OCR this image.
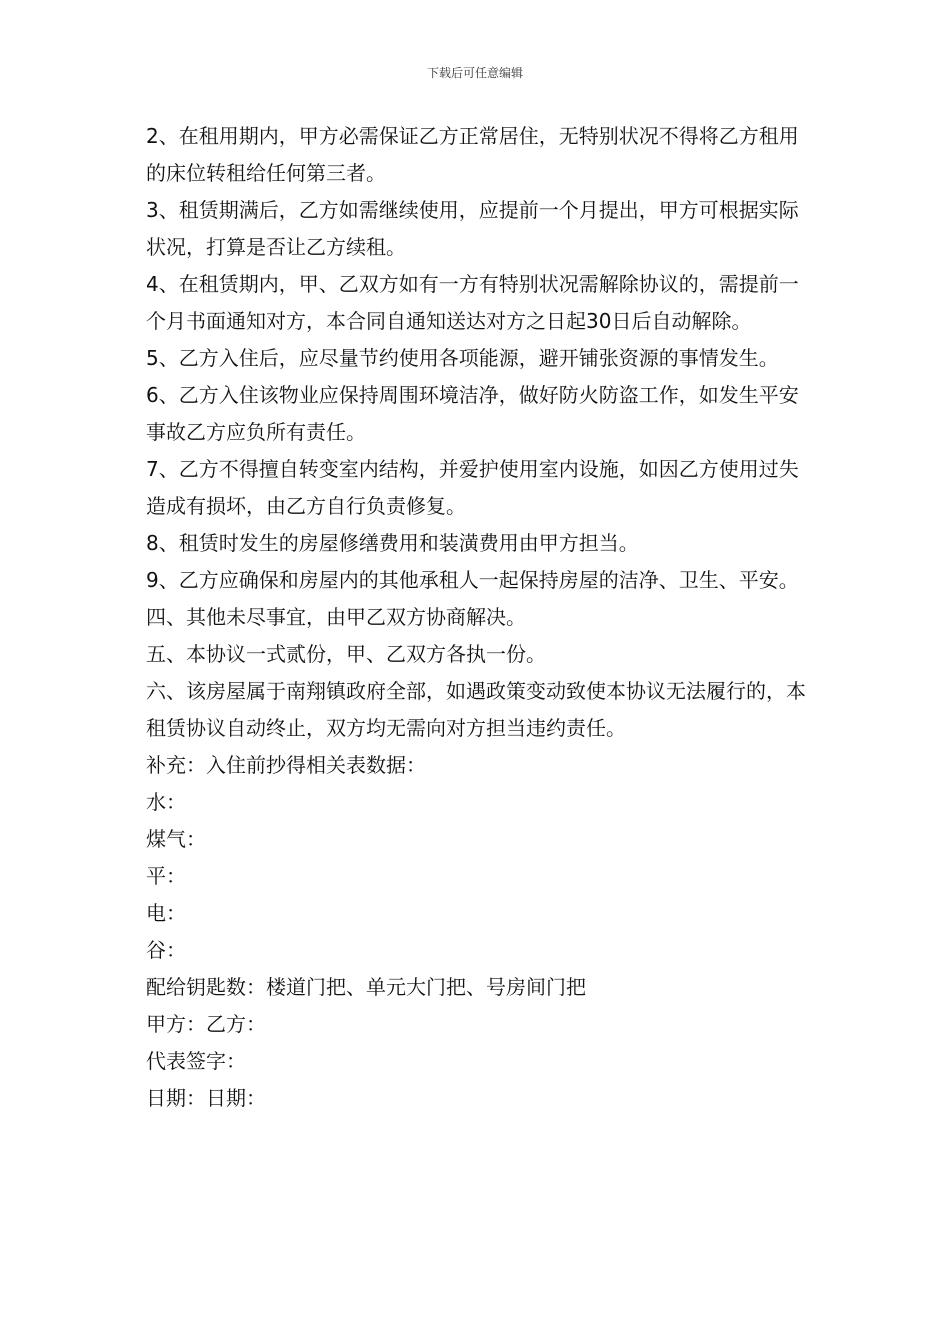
下载后可任意编辑

2、在租用期内，甲方必需保证乙方正常居住，无特别状况不得将乙方租用的床位转租给任何第三者。

3、租赁期满后，乙方如需继续使用，应提前一个月提出，甲方可根据实际状况，打算是否让乙方续租。

4、在租赁期内，甲、乙双方如有一方有特别状况需解除协议的，需提前一个月书面通知对方，本合同自通知送达对方之日起30日后自动解除。

5、乙方入住后，应尽量节约使用各项能源，避开铺张资源的事情发生。

6、乙方入住该物业应保持周围环境洁净，做好防火防盗工作，如发生平安事故乙方应负所有责任。

7、乙方不得擅自转变室内结构，并爱护使用室内设施，如因乙方使用过失造成有损坏，由乙方自行负责修复。

8、租赁时发生的房屋修缮费用和装潢费用由甲方担当。

9、乙方应确保和房屋内的其他承租人一起保持房屋的洁净、卫生、平安。

四、其他未尽事宜，由甲乙双方协商解决。

五、本协议一式贰份，甲、乙双方各执一份。

六、该房屋属于南翔镇政府全部，如遇政策变动致使本协议无法履行的，本租赁协议自动终止，双方均无需向对方担当违约责任。

补充：入住前抄得相关表数据：

水：

煤气：

平：

电：

谷：

配给钥匙数：楼道门把、单元大门把、号房间门把

甲方：乙方：

代表签字：

日期：日期：
